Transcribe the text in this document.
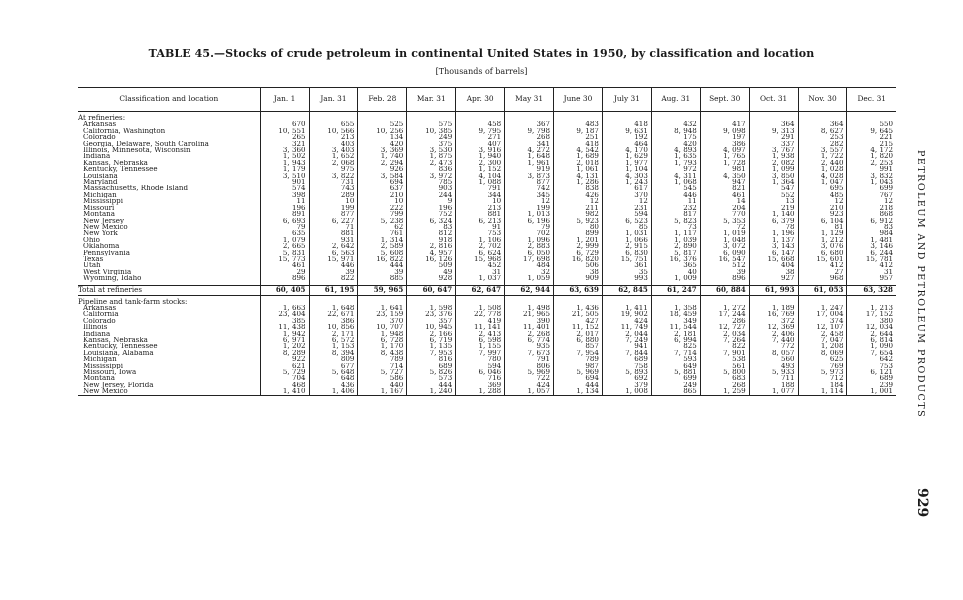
TABLE 45.—Stocks of crude petroleum in continental United States in 1950, by classification and location
[Thousands of barrels]
Classification and location	Jan. 1	Jan. 31	Feb. 28	Mar. 31	Apr. 30	May 31	June 30	July 31	Aug. 31	Sept. 30	Oct. 31	Nov. 30	Dec. 31
At refineries:													
Arkansas	670	655	525	575	458	367	483	418	432	417	364	364	550
California, Washington	10, 551	10, 566	10, 256	10, 385	9, 795	9, 798	9, 187	9, 631	8, 948	9, 098	9, 313	8, 627	9, 645
Colorado	265	213	134	249	271	268	251	192	175	197	291	253	221
Georgia, Delaware, South Carolina	321	403	420	375	407	341	418	464	420	386	337	282	215
Illinois, Minnesota, Wisconsin	3, 360	3, 403	3, 369	3, 530	3, 916	4, 272	4, 542	4, 170	4, 893	4, 097	3, 767	3, 557	4, 172
Indiana	1, 502	1, 652	1, 740	1, 875	1, 940	1, 648	1, 689	1, 629	1, 635	1, 765	1, 938	1, 722	1, 820
Kansas, Nebraska	1, 943	2, 068	2, 294	2, 473	2, 300	1, 961	2, 018	1, 977	1, 793	1, 728	2, 082	2, 440	2, 253
Kentucky, Tennessee	1, 179	975	926	836	1, 152	919	1, 061	1, 104	972	981	1, 099	1, 028	991
Louisiana	3, 510	3, 822	3, 584	3, 972	4, 104	3, 873	4, 131	4, 303	4, 311	4, 350	3, 850	4, 028	3, 832
Maryland	901	731	694	785	1, 088	877	1, 286	1, 243	1, 068	947	1, 364	1, 047	1, 043
Massachusetts, Rhode Island	574	743	637	903	791	742	838	617	545	821	547	695	699
Michigan	398	289	210	244	344	345	426	370	446	461	552	485	767
Mississippi	11	10	10	9	10	12	12	12	11	14	13	12	12
Missouri	196	199	222	196	213	199	211	231	232	204	219	210	218
Montana	891	877	799	752	881	1, 013	982	594	817	770	1, 140	923	868
New Jersey	6, 693	6, 227	5, 238	6, 324	6, 213	6, 196	5, 923	6, 523	5, 823	5, 353	6, 379	6, 104	6, 912
New Mexico	79	71	62	83	91	79	80	85	73	72	78	81	83
New York	635	881	761	812	753	702	899	1, 031	1, 117	1, 019	1, 196	1, 129	984
Ohio	1, 079	931	1, 314	918	1, 106	1, 096	1, 201	1, 066	1, 039	1, 048	1, 137	1, 212	1, 481
Oklahoma	2, 665	2, 642	2, 589	2, 816	2, 702	2, 883	2, 999	2, 915	2, 890	3, 072	3, 143	3, 076	3, 146
Pennsylvania	5, 831	6, 563	5, 608	4, 957	6, 624	6, 050	6, 729	6, 830	5, 817	6, 090	6, 147	6, 680	6, 244
Texas	15, 773	15, 971	16, 822	16, 126	15, 968	17, 698	16, 820	15, 751	16, 376	16, 547	15, 668	15, 601	15, 781
Utah	461	446	444	509	452	484	506	361	365	512	404	412	412
West Virginia	29	39	39	49	31	32	38	35	40	39	38	27	31
Wyoming, Idaho	896	822	885	928	1, 037	1, 059	909	993	1, 009	896	927	968	957

Total at refineries	60, 405	61, 195	59, 965	60, 647	62, 647	62, 944	63, 639	62, 845	61, 247	60, 884	61, 993	61, 053	63, 328
Pipeline and tank-farm stocks:													
Arkansas	1, 663	1, 648	1, 641	1, 598	1, 508	1, 498	1, 436	1, 411	1, 358	1, 272	1, 189	1, 247	1, 213
California	23, 404	22, 671	23, 159	23, 376	22, 778	21, 965	21, 505	19, 902	18, 459	17, 244	16, 769	17, 004	17, 152
Colorado	385	386	370	357	419	390	427	424	349	286	372	374	380
Illinois	11, 438	10, 856	10, 707	10, 945	11, 141	11, 401	11, 152	11, 749	11, 544	12, 727	12, 369	12, 107	12, 034
Indiana	1, 942	2, 171	1, 948	2, 166	2, 413	2, 268	2, 017	2, 044	2, 181	2, 034	2, 406	2, 458	2, 644
Kansas, Nebraska	6, 971	6, 572	6, 728	6, 719	6, 598	6, 774	6, 880	7, 249	6, 994	7, 264	7, 440	7, 047	6, 814
Kentucky, Tennessee	1, 202	1, 153	1, 170	1, 135	1, 155	935	857	941	825	822	772	1, 208	1, 090
Louisiana, Alabama	8, 289	8, 394	8, 438	7, 953	7, 997	7, 673	7, 954	7, 844	7, 714	7, 901	8, 057	8, 069	7, 654
Michigan	922	809	789	816	780	791	789	689	593	538	560	625	642
Mississippi	621	677	714	689	594	806	987	758	649	561	493	769	753
Missouri, Iowa	5, 729	5, 648	5, 727	5, 826	6, 046	5, 969	5, 969	5, 893	5, 881	5, 800	5, 933	5, 973	6, 121
Montana	704	648	586	573	716	722	694	692	699	683	711	712	689
New Jersey, Florida	468	436	440	444	369	424	444	379	249	268	188	184	239
New Mexico	1, 410	1, 406	1, 167	1, 240	1, 288	1, 057	1, 134	1, 008	865	1, 259	1, 077	1, 114	1, 001 PETROLEUM AND PETROLEUM PRODUCTS
929
